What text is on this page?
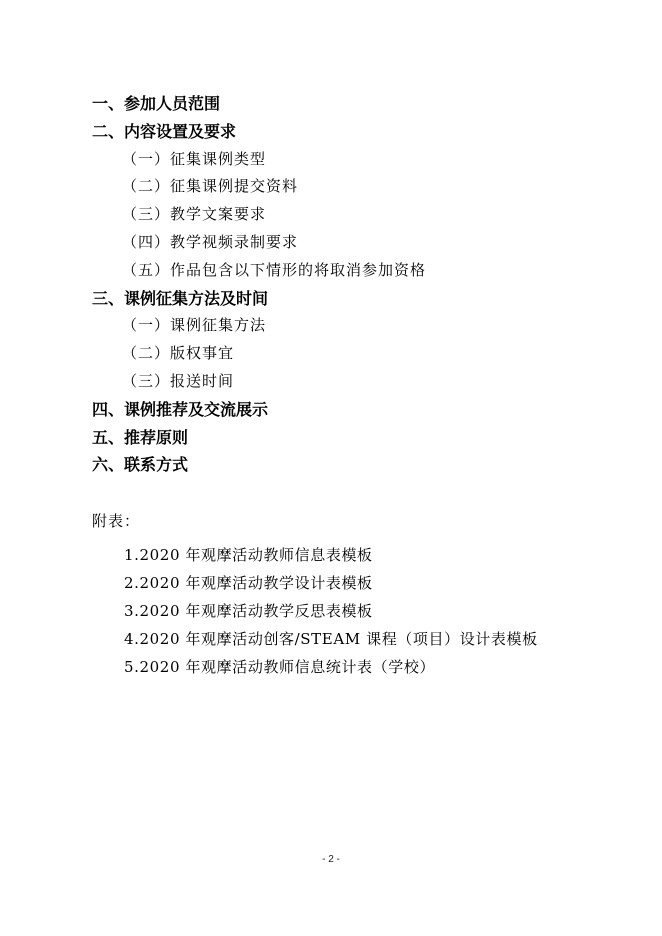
一、参加人员范围
二、内容设置及要求
（一）征集课例类型
（二）征集课例提交资料
（三）教学文案要求
（四）教学视频录制要求
（五）作品包含以下情形的将取消参加资格
三、课例征集方法及时间
（一）课例征集方法
（二）版权事宜
（三）报送时间
四、课例推荐及交流展示
五、推荐原则
六、联系方式
附表：
1.2020 年观摩活动教师信息表模板
2.2020 年观摩活动教学设计表模板
3.2020 年观摩活动教学反思表模板
4.2020 年观摩活动创客/STEAM 课程（项目）设计表模板
5.2020 年观摩活动教师信息统计表（学校）
- 2 -
